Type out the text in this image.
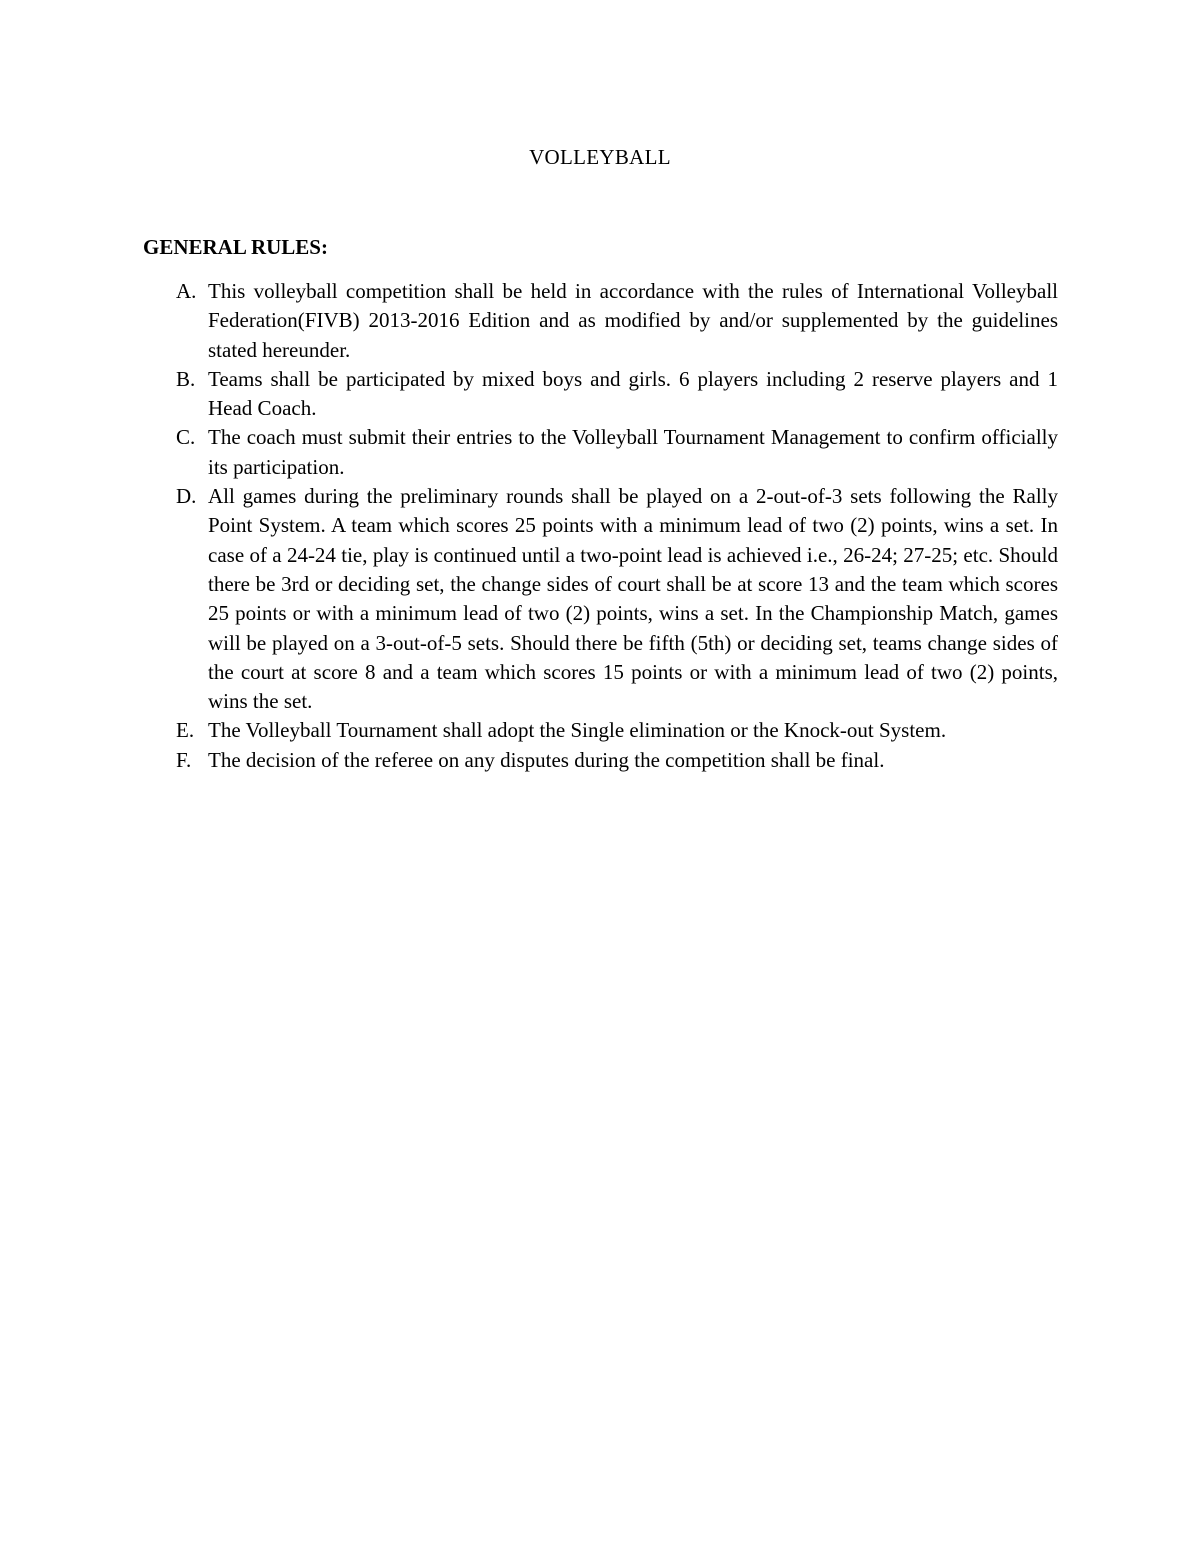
VOLLEYBALL
GENERAL RULES:
A. This volleyball competition shall be held in accordance with the rules of International Volleyball Federation(FIVB) 2013-2016 Edition and as modified by and/or supplemented by the guidelines stated hereunder.
B. Teams shall be participated by mixed boys and girls. 6 players including 2 reserve players and 1 Head Coach.
C. The coach must submit their entries to the Volleyball Tournament Management to confirm officially its participation.
D. All games during the preliminary rounds shall be played on a 2-out-of-3 sets following the Rally Point System. A team which scores 25 points with a minimum lead of two (2) points, wins a set. In case of a 24-24 tie, play is continued until a two-point lead is achieved i.e., 26-24; 27-25; etc. Should there be 3rd or deciding set, the change sides of court shall be at score 13 and the team which scores 25 points or with a minimum lead of two (2) points, wins a set. In the Championship Match, games will be played on a 3-out-of-5 sets. Should there be fifth (5th) or deciding set, teams change sides of the court at score 8 and a team which scores 15 points or with a minimum lead of two (2) points, wins the set.
E. The Volleyball Tournament shall adopt the Single elimination or the Knock-out System.
F. The decision of the referee on any disputes during the competition shall be final.
